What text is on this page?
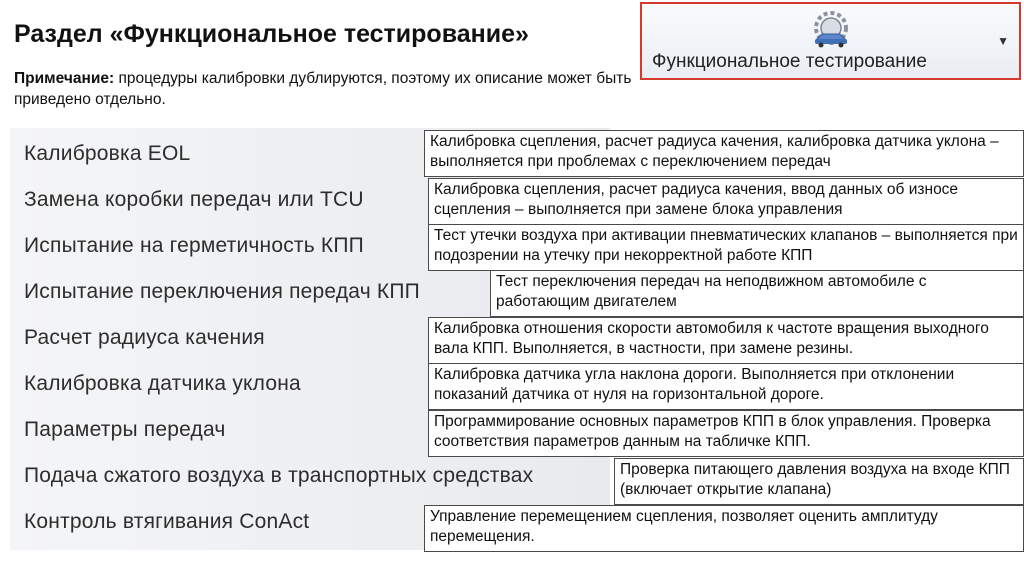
Раздел «Функциональное тестирование»
Примечание: процедуры калибровки дублируются, поэтому их описание может быть приведено отдельно.
Функциональное тестирование
▼
Калибровка EOL
Замена коробки передач или TCU
Испытание на герметичность КПП
Испытание переключения передач КПП
Расчет радиуса качения
Калибровка датчика уклона
Параметры передач
Подача сжатого воздуха в транспортных средствах
Контроль втягивания ConAct
Калибровка сцепления, расчет радиуса качения, калибровка датчика уклона – выполняется при проблемах с переключением передач
Калибровка сцепления, расчет радиуса качения, ввод данных об износе сцепления – выполняется при замене блока управления
Тест утечки воздуха при активации пневматических клапанов – выполняется при подозрении на утечку при некорректной работе КПП
Тест переключения передач на неподвижном автомобиле с работающим двигателем
Калибровка отношения скорости автомобиля к частоте вращения выходного вала КПП. Выполняется, в частности, при замене резины.
Калибровка датчика угла наклона дороги. Выполняется при отклонении показаний датчика от нуля на горизонтальной дороге.
Программирование основных параметров КПП в блок управления. Проверка соответствия параметров данным на табличке КПП.
Проверка питающего давления воздуха на входе КПП (включает открытие клапана)
Управление перемещением сцепления, позволяет оценить амплитуду перемещения.
